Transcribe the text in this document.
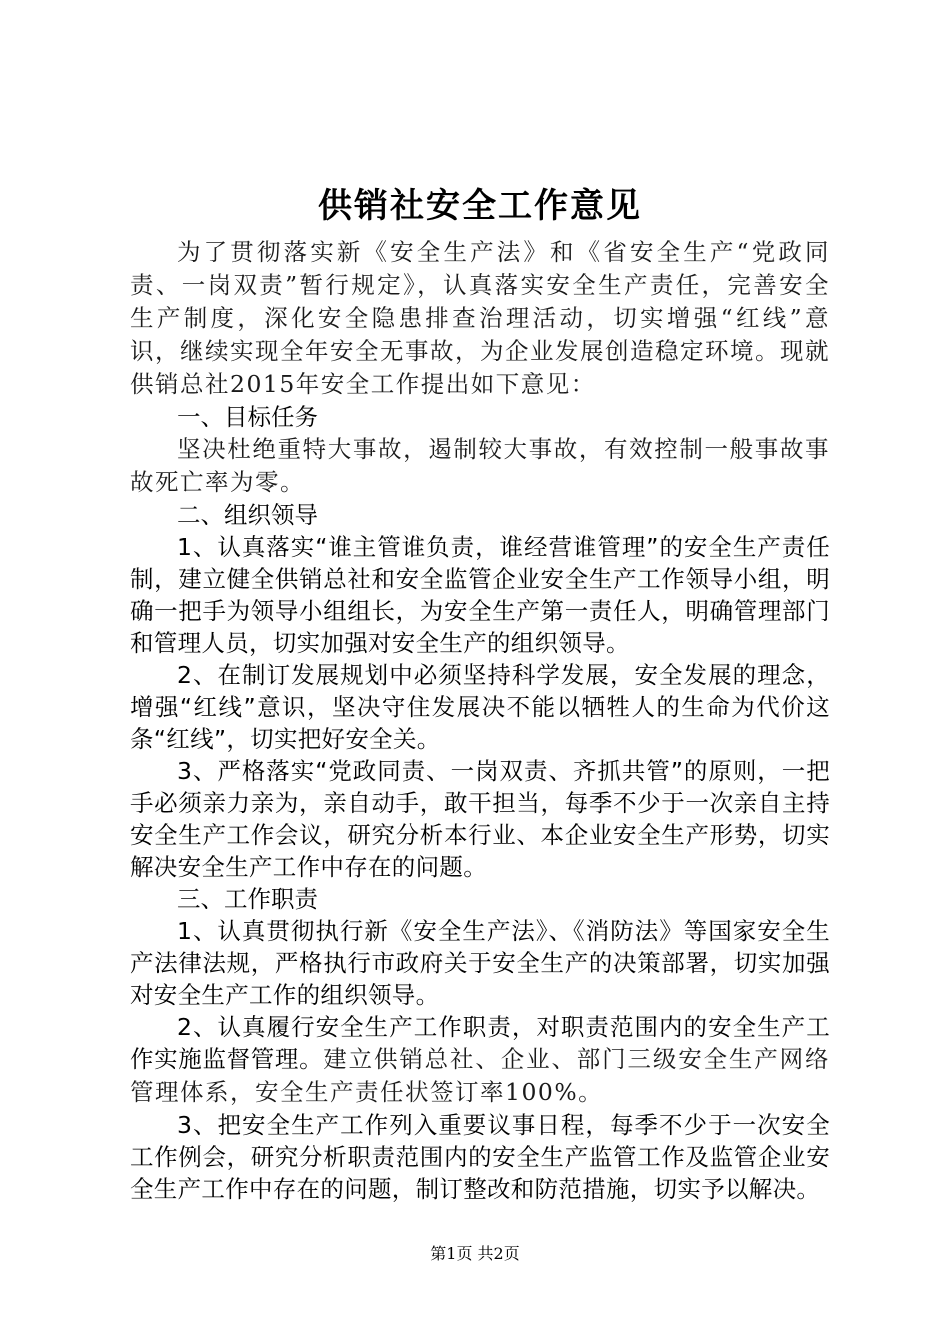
供销社安全工作意见

为了贯彻落实新《安全生产法》和《省安全生产“党政同责、一岗双责”暂行规定》，认真落实安全生产责任，完善安全生产制度，深化安全隐患排查治理活动，切实增强“红线”意识，继续实现全年安全无事故，为企业发展创造稳定环境。现就供销总社2015年安全工作提出如下意见：

一、目标任务

坚决杜绝重特大事故，遏制较大事故，有效控制一般事故事故死亡率为零。

二、组织领导

1、认真落实“谁主管谁负责，谁经营谁管理”的安全生产责任制，建立健全供销总社和安全监管企业安全生产工作领导小组，明确一把手为领导小组组长，为安全生产第一责任人，明确管理部门和管理人员，切实加强对安全生产的组织领导。

2、在制订发展规划中必须坚持科学发展，安全发展的理念，增强“红线”意识，坚决守住发展决不能以牺牲人的生命为代价这条“红线”，切实把好安全关。

3、严格落实“党政同责、一岗双责、齐抓共管”的原则，一把手必须亲力亲为，亲自动手，敢干担当，每季不少于一次亲自主持安全生产工作会议，研究分析本行业、本企业安全生产形势，切实解决安全生产工作中存在的问题。

三、工作职责

1、认真贯彻执行新《安全生产法》、《消防法》等国家安全生产法律法规，严格执行市政府关于安全生产的决策部署，切实加强对安全生产工作的组织领导。

2、认真履行安全生产工作职责，对职责范围内的安全生产工作实施监督管理。建立供销总社、企业、部门三级安全生产网络管理体系，安全生产责任状签订率100%。

3、把安全生产工作列入重要议事日程，每季不少于一次安全工作例会，研究分析职责范围内的安全生产监管工作及监管企业安全生产工作中存在的问题，制订整改和防范措施，切实予以解决。

第1页 共2页
